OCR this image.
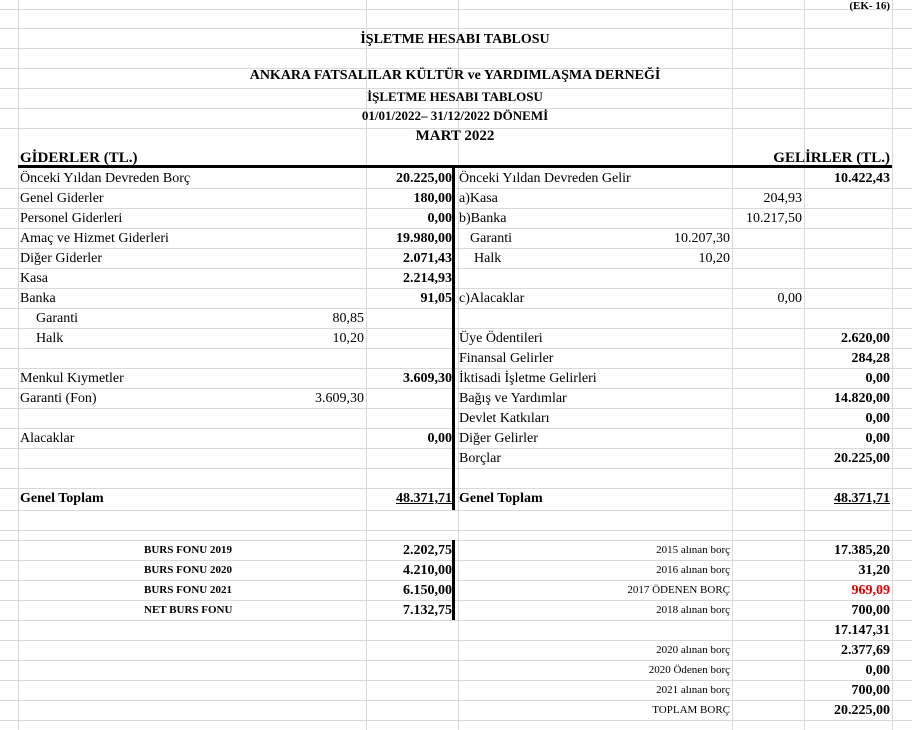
(EK- 16)
İŞLETME HESABI TABLOSU
ANKARA FATSALILAR KÜLTÜR ve YARDIMLAŞMA DERNEĞİ
İŞLETME HESABI TABLOSU
01/01/2022– 31/12/2022 DÖNEMİ
MART 2022
GİDERLER (TL.)	GELİRLER (TL.)
Önceki Yıldan Devreden Borç	20.225,00
Genel Giderler	180,00
Personel Giderleri	0,00
Amaç ve Hizmet Giderleri	19.980,00
Diğer Giderler	2.071,43
Kasa	2.214,93
Banka	91,05
Garanti	80,85
Halk	10,20
Menkul Kıymetler	3.609,30
Garanti (Fon)	3.609,30
Alacaklar	0,00
Genel Toplam	48.371,71
Önceki Yıldan Devreden Gelir	10.422,43
a)Kasa	204,93
b)Banka	10.217,50
Garanti	10.207,30
Halk	10,20
c)Alacaklar	0,00
Üye Ödentileri	2.620,00
Finansal Gelirler	284,28
İktisadi İşletme Gelirleri	0,00
Bağış ve Yardımlar	14.820,00
Devlet Katkıları	0,00
Diğer Gelirler	0,00
Borçlar	20.225,00
Genel Toplam	48.371,71
BURS FONU 2019	2.202,75
BURS FONU 2020	4.210,00
BURS FONU 2021	6.150,00
NET BURS FONU	7.132,75
2015 alınan borç	17.385,20
2016 alınan borç	31,20
2017 ÖDENEN BORÇ	969,09
2018 alınan borç	700,00
17.147,31
2020 alınan borç	2.377,69
2020 Ödenen borç	0,00
2021 alınan borç	700,00
TOPLAM BORÇ	20.225,00
